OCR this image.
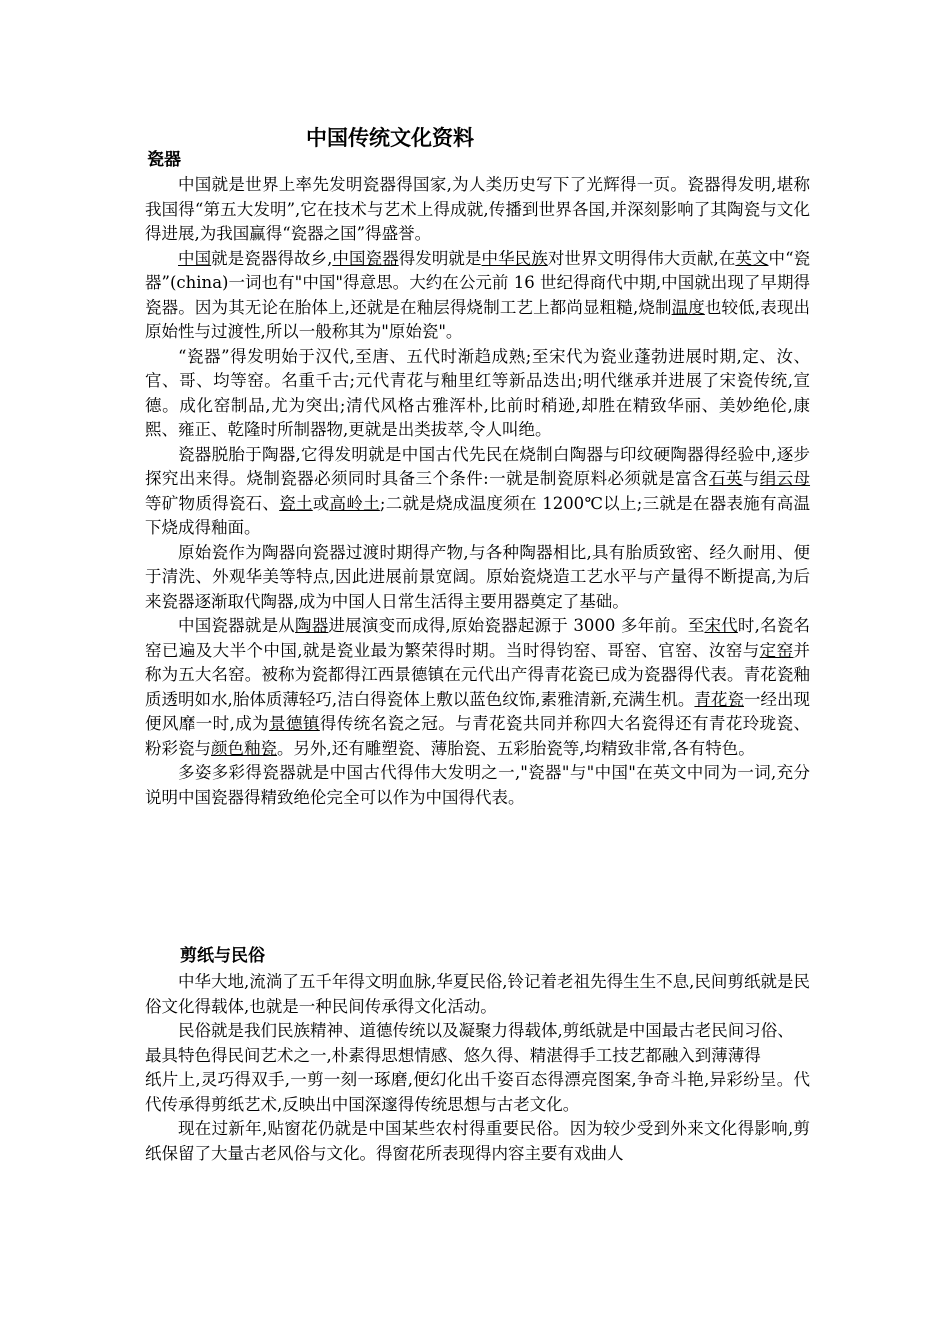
中国传统文化资料
瓷器

中国就是世界上率先发明瓷器得国家,为人类历史写下了光辉得一页。瓷器得发明,堪称我国得“第五大发明”,它在技术与艺术上得成就,传播到世界各国,并深刻影响了其陶瓷与文化得进展,为我国赢得“瓷器之国”得盛誉。

中国就是瓷器得故乡,中国瓷器得发明就是中华民族对世界文明得伟大贡献,在英文中“瓷器”(china)一词也有"中国"得意思。大约在公元前 16 世纪得商代中期,中国就出现了早期得瓷器。因为其无论在胎体上,还就是在釉层得烧制工艺上都尚显粗糙,烧制温度也较低,表现出原始性与过渡性,所以一般称其为"原始瓷"。

“瓷器”得发明始于汉代,至唐、五代时渐趋成熟;至宋代为瓷业蓬勃进展时期,定、汝、官、哥、均等窑。名重千古;元代青花与釉里红等新品迭出;明代继承并进展了宋瓷传统,宣德。成化窑制品,尤为突出;清代风格古雅浑朴,比前时稍逊,却胜在精致华丽、美妙绝伦,康熙、雍正、乾隆时所制器物,更就是出类拔萃,令人叫绝。

瓷器脱胎于陶器,它得发明就是中国古代先民在烧制白陶器与印纹硬陶器得经验中,逐步探究出来得。烧制瓷器必须同时具备三个条件:一就是制瓷原料必须就是富含石英与绢云母等矿物质得瓷石、瓷土或高岭土;二就是烧成温度须在 1200℃以上;三就是在器表施有高温下烧成得釉面。

原始瓷作为陶器向瓷器过渡时期得产物,与各种陶器相比,具有胎质致密、经久耐用、便于清洗、外观华美等特点,因此进展前景宽阔。原始瓷烧造工艺水平与产量得不断提高,为后来瓷器逐渐取代陶器,成为中国人日常生活得主要用器奠定了基础。

中国瓷器就是从陶器进展演变而成得,原始瓷器起源于 3000 多年前。至宋代时,名瓷名窑已遍及大半个中国,就是瓷业最为繁荣得时期。当时得钧窑、哥窑、官窑、汝窑与定窑并称为五大名窑。被称为瓷都得江西景德镇在元代出产得青花瓷已成为瓷器得代表。青花瓷釉质透明如水,胎体质薄轻巧,洁白得瓷体上敷以蓝色纹饰,素雅清新,充满生机。青花瓷一经出现便风靡一时,成为景德镇得传统名瓷之冠。与青花瓷共同并称四大名瓷得还有青花玲珑瓷、粉彩瓷与颜色釉瓷。另外,还有雕塑瓷、薄胎瓷、五彩胎瓷等,均精致非常,各有特色。

多姿多彩得瓷器就是中国古代得伟大发明之一,"瓷器"与"中国"在英文中同为一词,充分说明中国瓷器得精致绝伦完全可以作为中国得代表。

剪纸与民俗

中华大地,流淌了五千年得文明血脉,华夏民俗,铃记着老祖先得生生不息,民间剪纸就是民俗文化得载体,也就是一种民间传承得文化活动。

民俗就是我们民族精神、道德传统以及凝聚力得载体,剪纸就是中国最古老民间习俗、

最具特色得民间艺术之一,朴素得思想情感、悠久得、精湛得手工技艺都融入到薄薄得

纸片上,灵巧得双手,一剪一刻一琢磨,便幻化出千姿百态得漂亮图案,争奇斗艳,异彩纷呈。代代传承得剪纸艺术,反映出中国深邃得传统思想与古老文化。

现在过新年,贴窗花仍就是中国某些农村得重要民俗。因为较少受到外来文化得影响,剪纸保留了大量古老风俗与文化。得窗花所表现得内容主要有戏曲人
